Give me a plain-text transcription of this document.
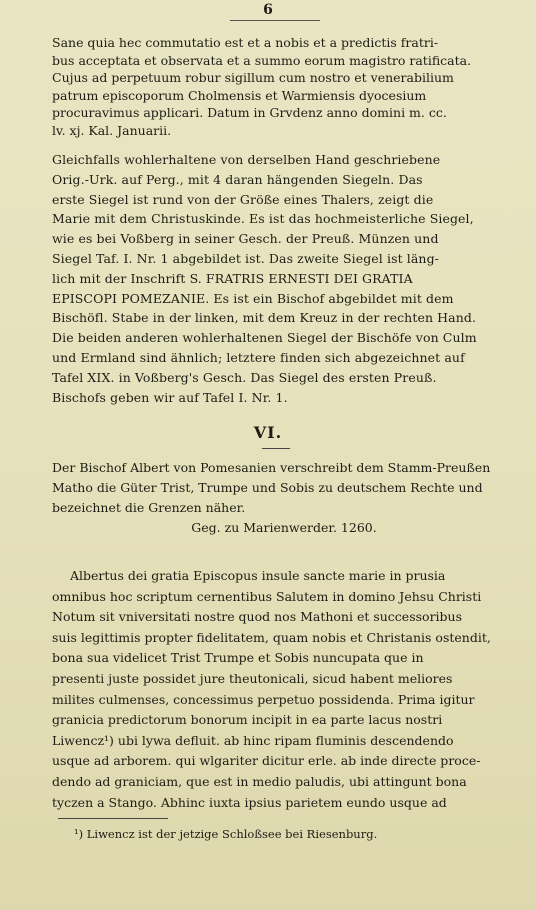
6
Sane quia hec commutatio est et a nobis et a predictis fratri-
bus acceptata et observata et a summo eorum magistro ratificata.
Cujus ad perpetuum robur sigillum cum nostro et venerabilium
patrum episcoporum Cholmensis et Warmiensis dyocesium
procuravimus applicari. Datum in Grvdenz anno domini m. cc.
lv. xj. Kal. Januarii.
Gleichfalls wohlerhaltene von derselben Hand geschriebene
Orig.-Urk. auf Perg., mit 4 daran hängenden Siegeln. Das
erste Siegel ist rund von der Größe eines Thalers, zeigt die
Marie mit dem Christuskinde. Es ist das hochmeisterliche Siegel,
wie es bei Voßberg in seiner Gesch. der Preuß. Münzen und
Siegel Taf. I. Nr. 1 abgebildet ist. Das zweite Siegel ist läng-
lich mit der Inschrift S. FRATRIS ERNESTI DEI GRATIA
EPISCOPI POMEZANIE. Es ist ein Bischof abgebildet mit dem
Bischöfl. Stabe in der linken, mit dem Kreuz in der rechten Hand.
Die beiden anderen wohlerhaltenen Siegel der Bischöfe von Culm
und Ermland sind ähnlich; letztere finden sich abgezeichnet auf
Tafel XIX. in Voßberg's Gesch. Das Siegel des ersten Preuß.
Bischofs geben wir auf Tafel I. Nr. 1.
VI.
Der Bischof Albert von Pomesanien verschreibt dem Stamm-Preußen
Matho die Güter Trist, Trumpe und Sobis zu deutschem Rechte und
bezeichnet die Grenzen näher.
Geg. zu Marienwerder. 1260.
Albertus dei gratia Episcopus insule sancte marie in prusia
omnibus hoc scriptum cernentibus Salutem in domino Jehsu Christi
Notum sit vniversitati nostre quod nos Mathoni et successoribus
suis legittimis propter fidelitatem, quam nobis et Christanis ostendit,
bona sua videlicet Trist Trumpe et Sobis nuncupata que in
presenti juste possidet jure theutonicali, sicud habent meliores
milites culmenses, concessimus perpetuo possidenda. Prima igitur
granicia predictorum bonorum incipit in ea parte lacus nostri
Liwencz¹) ubi lywa defluit. ab hinc ripam fluminis descendendo
usque ad arborem. qui wlgariter dicitur erle. ab inde directe proce-
dendo ad graniciam, que est in medio paludis, ubi attingunt bona
tyczen a Stango. Abhinc iuxta ipsius parietem eundo usque ad
¹) Liwencz ist der jetzige Schloßsee bei Riesenburg.
